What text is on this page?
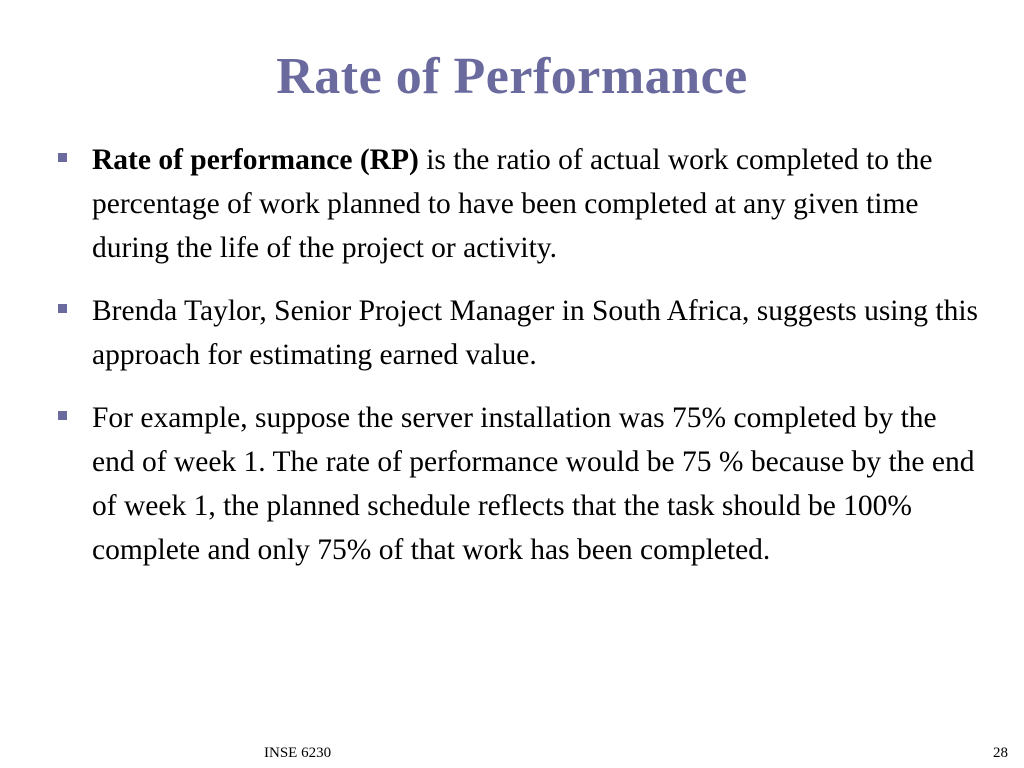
Rate of Performance
Rate of performance (RP) is the ratio of actual work completed to the percentage of work planned to have been completed at any given time during the life of the project or activity.
Brenda Taylor, Senior Project Manager in South Africa, suggests using this approach for estimating earned value.
For example, suppose the server installation was 75% completed by the end of week 1. The rate of performance would be 75 % because by the end of week 1, the planned schedule reflects that the task should be 100% complete and only 75% of that work has been completed.
INSE 6230	28
